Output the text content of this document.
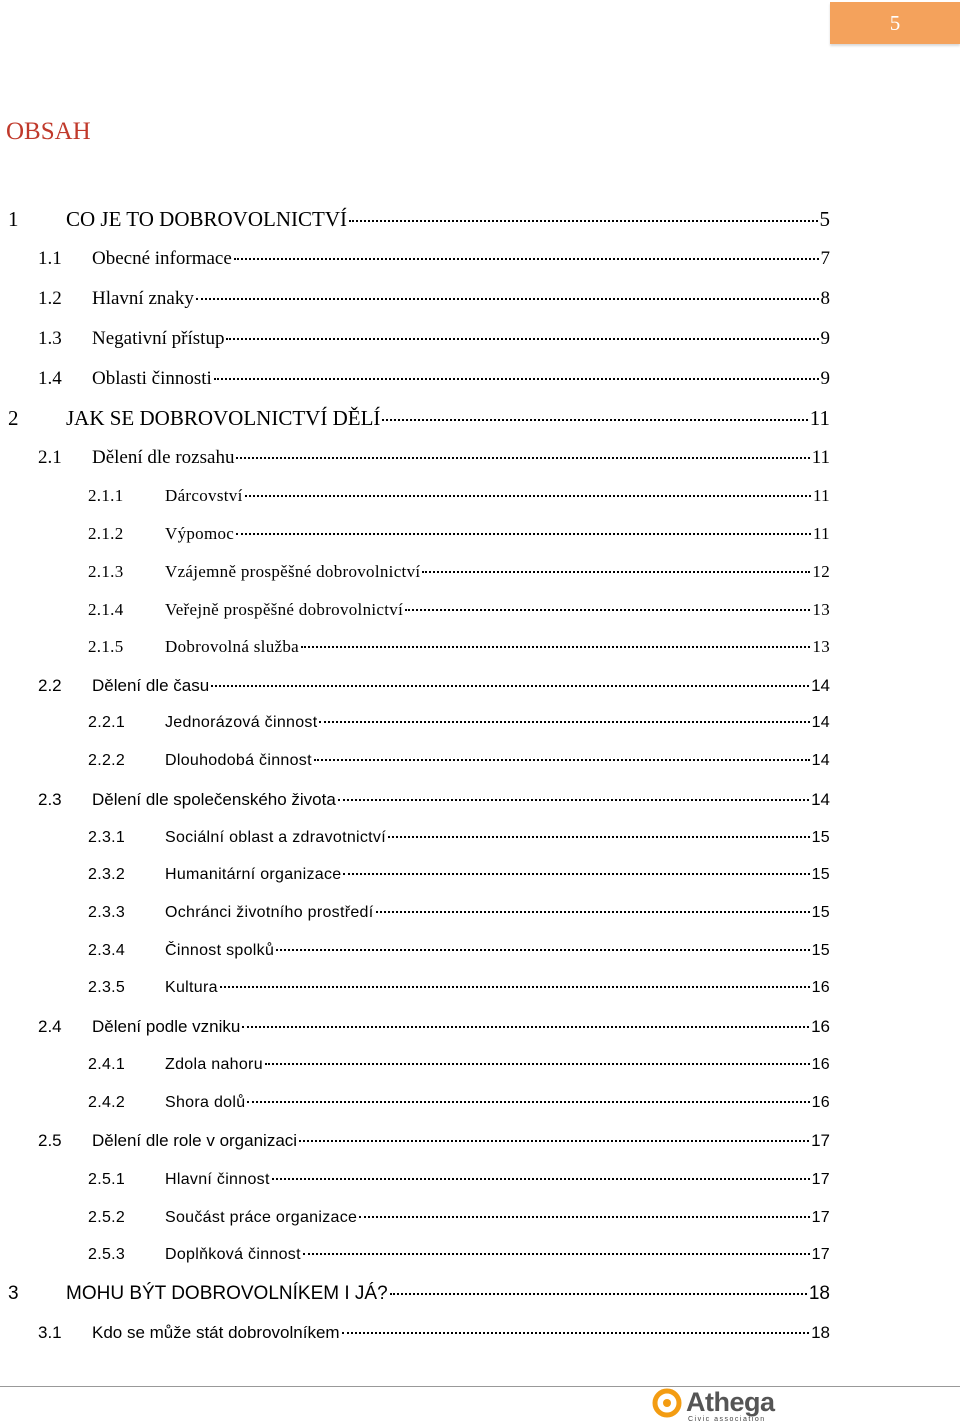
5
OBSAH
1	CO JE TO DOBROVOLNICTVÍ	5
1.1	Obecné informace	7
1.2	Hlavní znaky	8
1.3	Negativní přístup	9
1.4	Oblasti činnosti	9
2	JAK SE DOBROVOLNICTVÍ DĚLÍ	11
2.1	Dělení dle rozsahu	11
2.1.1	Dárcovství	11
2.1.2	Výpomoc	11
2.1.3	Vzájemně prospěšné dobrovolnictví	12
2.1.4	Veřejně prospěšné dobrovolnictví	13
2.1.5	Dobrovolná služba	13
2.2	Dělení dle času	14
2.2.1	Jednorázová činnost	14
2.2.2	Dlouhodobá činnost	14
2.3	Dělení dle společenského života	14
2.3.1	Sociální oblast a zdravotnictví	15
2.3.2	Humanitární organizace	15
2.3.3	Ochránci životního prostředí	15
2.3.4	Činnost spolků	15
2.3.5	Kultura	16
2.4	Dělení podle vzniku	16
2.4.1	Zdola nahoru	16
2.4.2	Shora dolů	16
2.5	Dělení dle role v organizaci	17
2.5.1	Hlavní činnost	17
2.5.2	Součást práce organizace	17
2.5.3	Doplňková činnost	17
3	MOHU BÝT DOBROVOLNÍKEM I JÁ?	18
3.1	Kdo se může stát dobrovolníkem	18
Athega
Civic association
